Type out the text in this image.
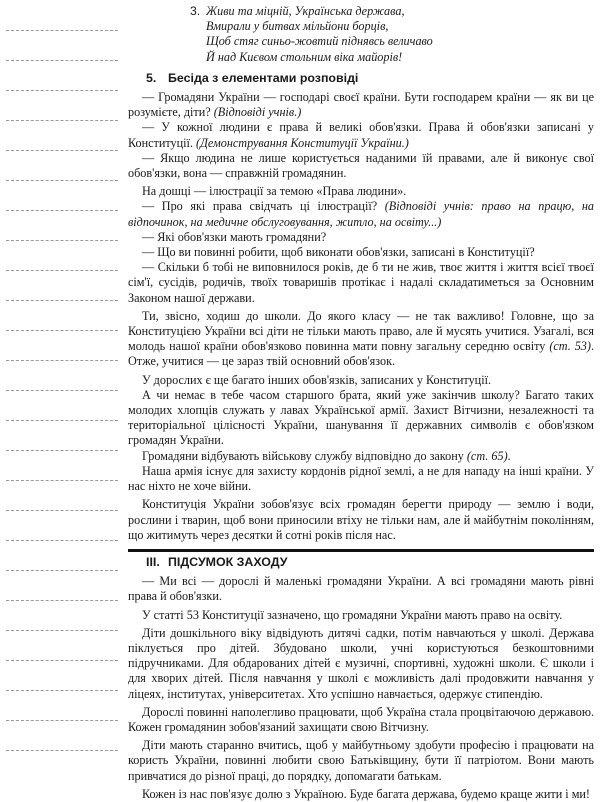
3. Живи та міцній, Українська держава,
Вмирали у битвах мільйони борців,
Щоб стяг синьо-жовтий піднявсь величаво
Й над Києвом стольним віка майорів!
5. Бесіда з елементами розповіді

— Громадяни України — господарі своєї країни. Бути господарем країни — як ви це розумієте, діти? (Відповіді учнів.)

— У кожної людини є права й великі обов'язки. Права й обов'язки записані у Конституції. (Демонстрування Конституції України.)

— Якщо людина не лише користується наданими їй правами, але й виконує свої обов'язки, вона — справжній громадянин.

На дошці — ілюстрації за темою «Права людини».

— Про які права свідчать ці ілюстрації? (Відповіді учнів: право на працю, на відпочинок, на медичне обслуговування, житло, на освіту...)

— Які обов'язки мають громадяни?

— Що ви повинні робити, щоб виконати обов'язки, записані в Конституції?

— Скільки б тобі не виповнилося років, де б ти не жив, твоє життя і життя всієї твоєї сім'ї, сусідів, родичів, твоїх товаришів протікає і надалі складатиметься за Основним Законом нашої держави.

Ти, звісно, ходиш до школи. До якого класу — не так важливо! Головне, що за Конституцією України всі діти не тільки мають право, але й мусять учитися. Узагалі, вся молодь нашої країни обов'язково повинна мати повну загальну середню освіту (ст. 53). Отже, учитися — це зараз твій основний обов'язок.

У дорослих є ще багато інших обов'язків, записаних у Конституції.

А чи немає в тебе часом старшого брата, який уже закінчив школу? Багато таких молодих хлопців служать у лавах Української армії. Захист Вітчизни, незалежності та територіальної цілісності України, шанування її державних символів є обов'язком громадян України.

Громадяни відбувають військову службу відповідно до закону (ст. 65).

Наша армія існує для захисту кордонів рідної землі, а не для нападу на інші країни. У нас ніхто не хоче війни.

Конституція України зобов'язує всіх громадян берегти природу — землю і води, рослини і тварин, щоб вони приносили втіху не тільки нам, але й майбутнім поколінням, що житимуть через десятки й сотні років після нас.

III. ПІДСУМОК ЗАХОДУ

— Ми всі — дорослі й маленькі громадяни України. А всі громадяни мають рівні права й обов'язки.

У статті 53 Конституції зазначено, що громадяни України мають право на освіту.

Діти дошкільного віку відвідують дитячі садки, потім навчаються у школі. Держава піклується про дітей. Збудовано школи, учні користуються безкоштовними підручниками. Для обдарованих дітей є музичні, спортивні, художні школи. Є школи і для хворих дітей. Після навчання у школі є можливість далі продовжити навчання у ліцеях, інститутах, університетах. Хто успішно навчається, одержує стипендію.

Дорослі повинні наполегливо працювати, щоб Україна стала процвітаючою державою. Кожен громадянин зобов'язаний захищати свою Вітчизну.

Діти мають старанно вчитись, щоб у майбутньому здобути професію і працювати на користь України, повинні любити свою Батьківщину, бути її патріотом. Вони мають привчатися до різної праці, до порядку, допомагати батькам.

Кожен із нас пов'язує долю з Україною. Буде багата держава, будемо краще жити і ми!
